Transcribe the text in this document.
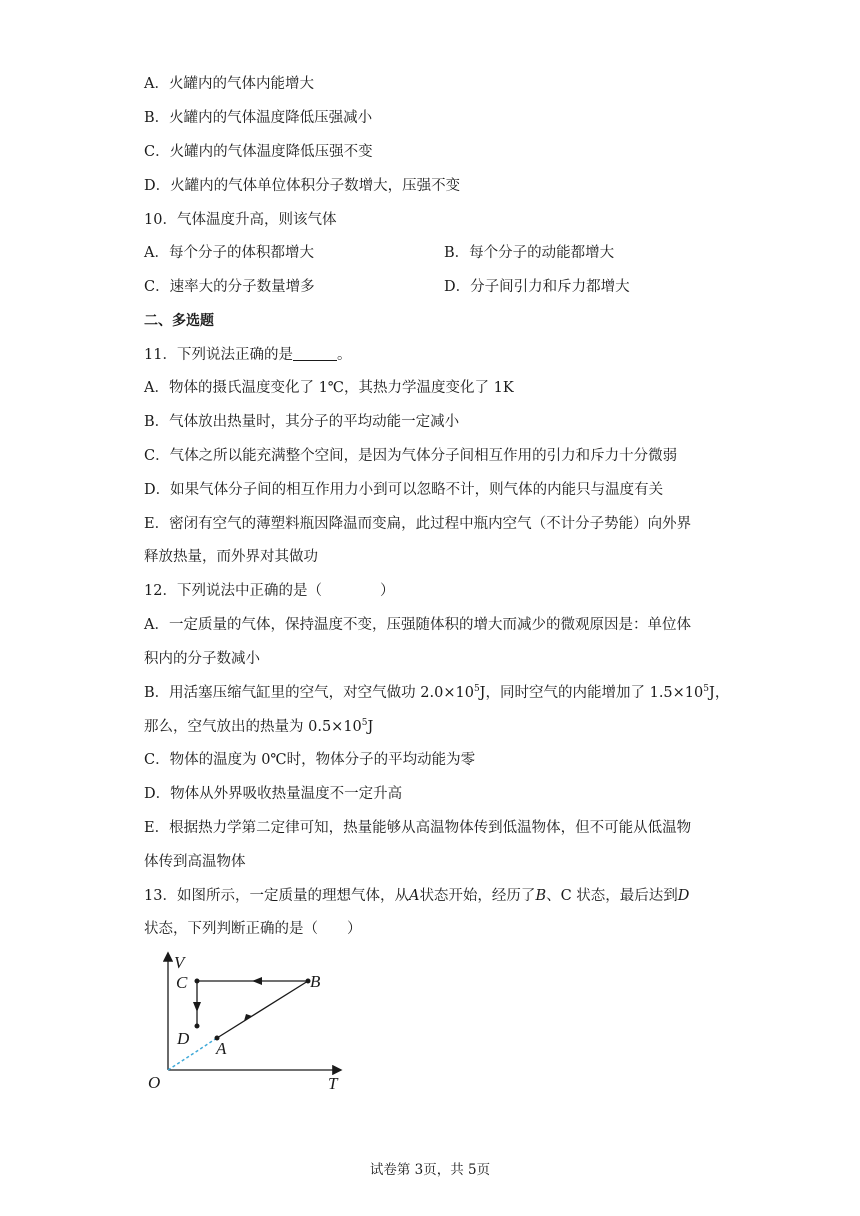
A．火罐内的气体内能增大
B．火罐内的气体温度降低压强减小
C．火罐内的气体温度降低压强不变
D．火罐内的气体单位体积分子数增大，压强不变
10．气体温度升高，则该气体
A．每个分子的体积都增大	B．每个分子的动能都增大
C．速率大的分子数量增多	D．分子间引力和斥力都增大
二、多选题
11．下列说法正确的是	。
A．物体的摄氏温度变化了 1℃，其热力学温度变化了 1K
B．气体放出热量时，其分子的平均动能一定减小
C．气体之所以能充满整个空间，是因为气体分子间相互作用的引力和斥力十分微弱
D．如果气体分子间的相互作用力小到可以忽略不计，则气体的内能只与温度有关
E．密闭有空气的薄塑料瓶因降温而变扁，此过程中瓶内空气（不计分子势能）向外界
释放热量，而外界对其做功
12．下列说法中正确的是（　　　　）
A．一定质量的气体，保持温度不变，压强随体积的增大而减少的微观原因是：单位体
积内的分子数减小
B．用活塞压缩气缸里的空气，对空气做功 $2.0\times 10^5J$，同时空气的内能增加了 $1.5\times 10^5J$，
那么，空气放出的热量为 $0.5\times 10^5J$
C．物体的温度为 0℃时，物体分子的平均动能为零
D．物体从外界吸收热量温度不一定升高
E．根据热力学第二定律可知，热量能够从高温物体传到低温物体，但不可能从低温物
体传到高温物体
13．如图所示，一定质量的理想气体，从A状态开始，经历了B、C 状态，最后达到D
状态，下列判断正确的是（　　）
V
T
O
C	B
D
A
试卷第 3页，共 5页
